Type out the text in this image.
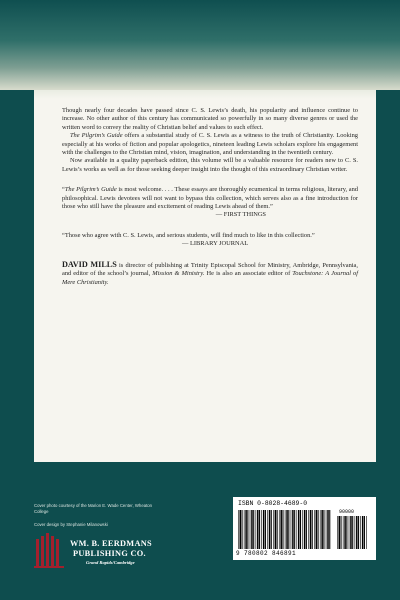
Though nearly four decades have passed since C. S. Lewis’s death, his popularity and influence continue to increase. No other author of this century has communicated so powerfully in so many diverse genres or used the written word to convey the reality of Christian belief and values to such effect.

The Pilgrim’s Guide offers a substantial study of C. S. Lewis as a witness to the truth of Christianity. Looking especially at his works of fiction and popular apologetics, nineteen leading Lewis scholars explore his engagement with the challenges to the Christian mind, vision, imagination, and understanding in the twentieth century.

Now available in a quality paperback edition, this volume will be a valuable resource for readers new to C. S. Lewis’s works as well as for those seeking deeper insight into the thought of this extraordinary Christian writer.

“The Pilgrim’s Guide is most welcome. . . . These essays are thoroughly ecumenical in terms religious, literary, and philosophical. Lewis devotees will not want to bypass this collection, which serves also as a fine introduction for those who still have the pleasure and excitement of reading Lewis ahead of them.”

— FIRST THINGS

“Those who agree with C. S. Lewis, and serious students, will find much to like in this collection.”

— LIBRARY JOURNAL

DAVID MILLS is director of publishing at Trinity Episcopal School for Ministry, Ambridge, Pennsylvania, and editor of the school’s journal, Mission & Ministry. He is also an associate editor of Touchstone: A Journal of Mere Christianity.

Cover photo courtesy of the Marion E. Wade Center, Wheaton College
Cover design by Stephanie Milanowski
WM. B. EERDMANS
PUBLISHING CO.
Grand Rapids/Cambridge
ISBN 0-8028-4689-0
90000
9 780802 846891
